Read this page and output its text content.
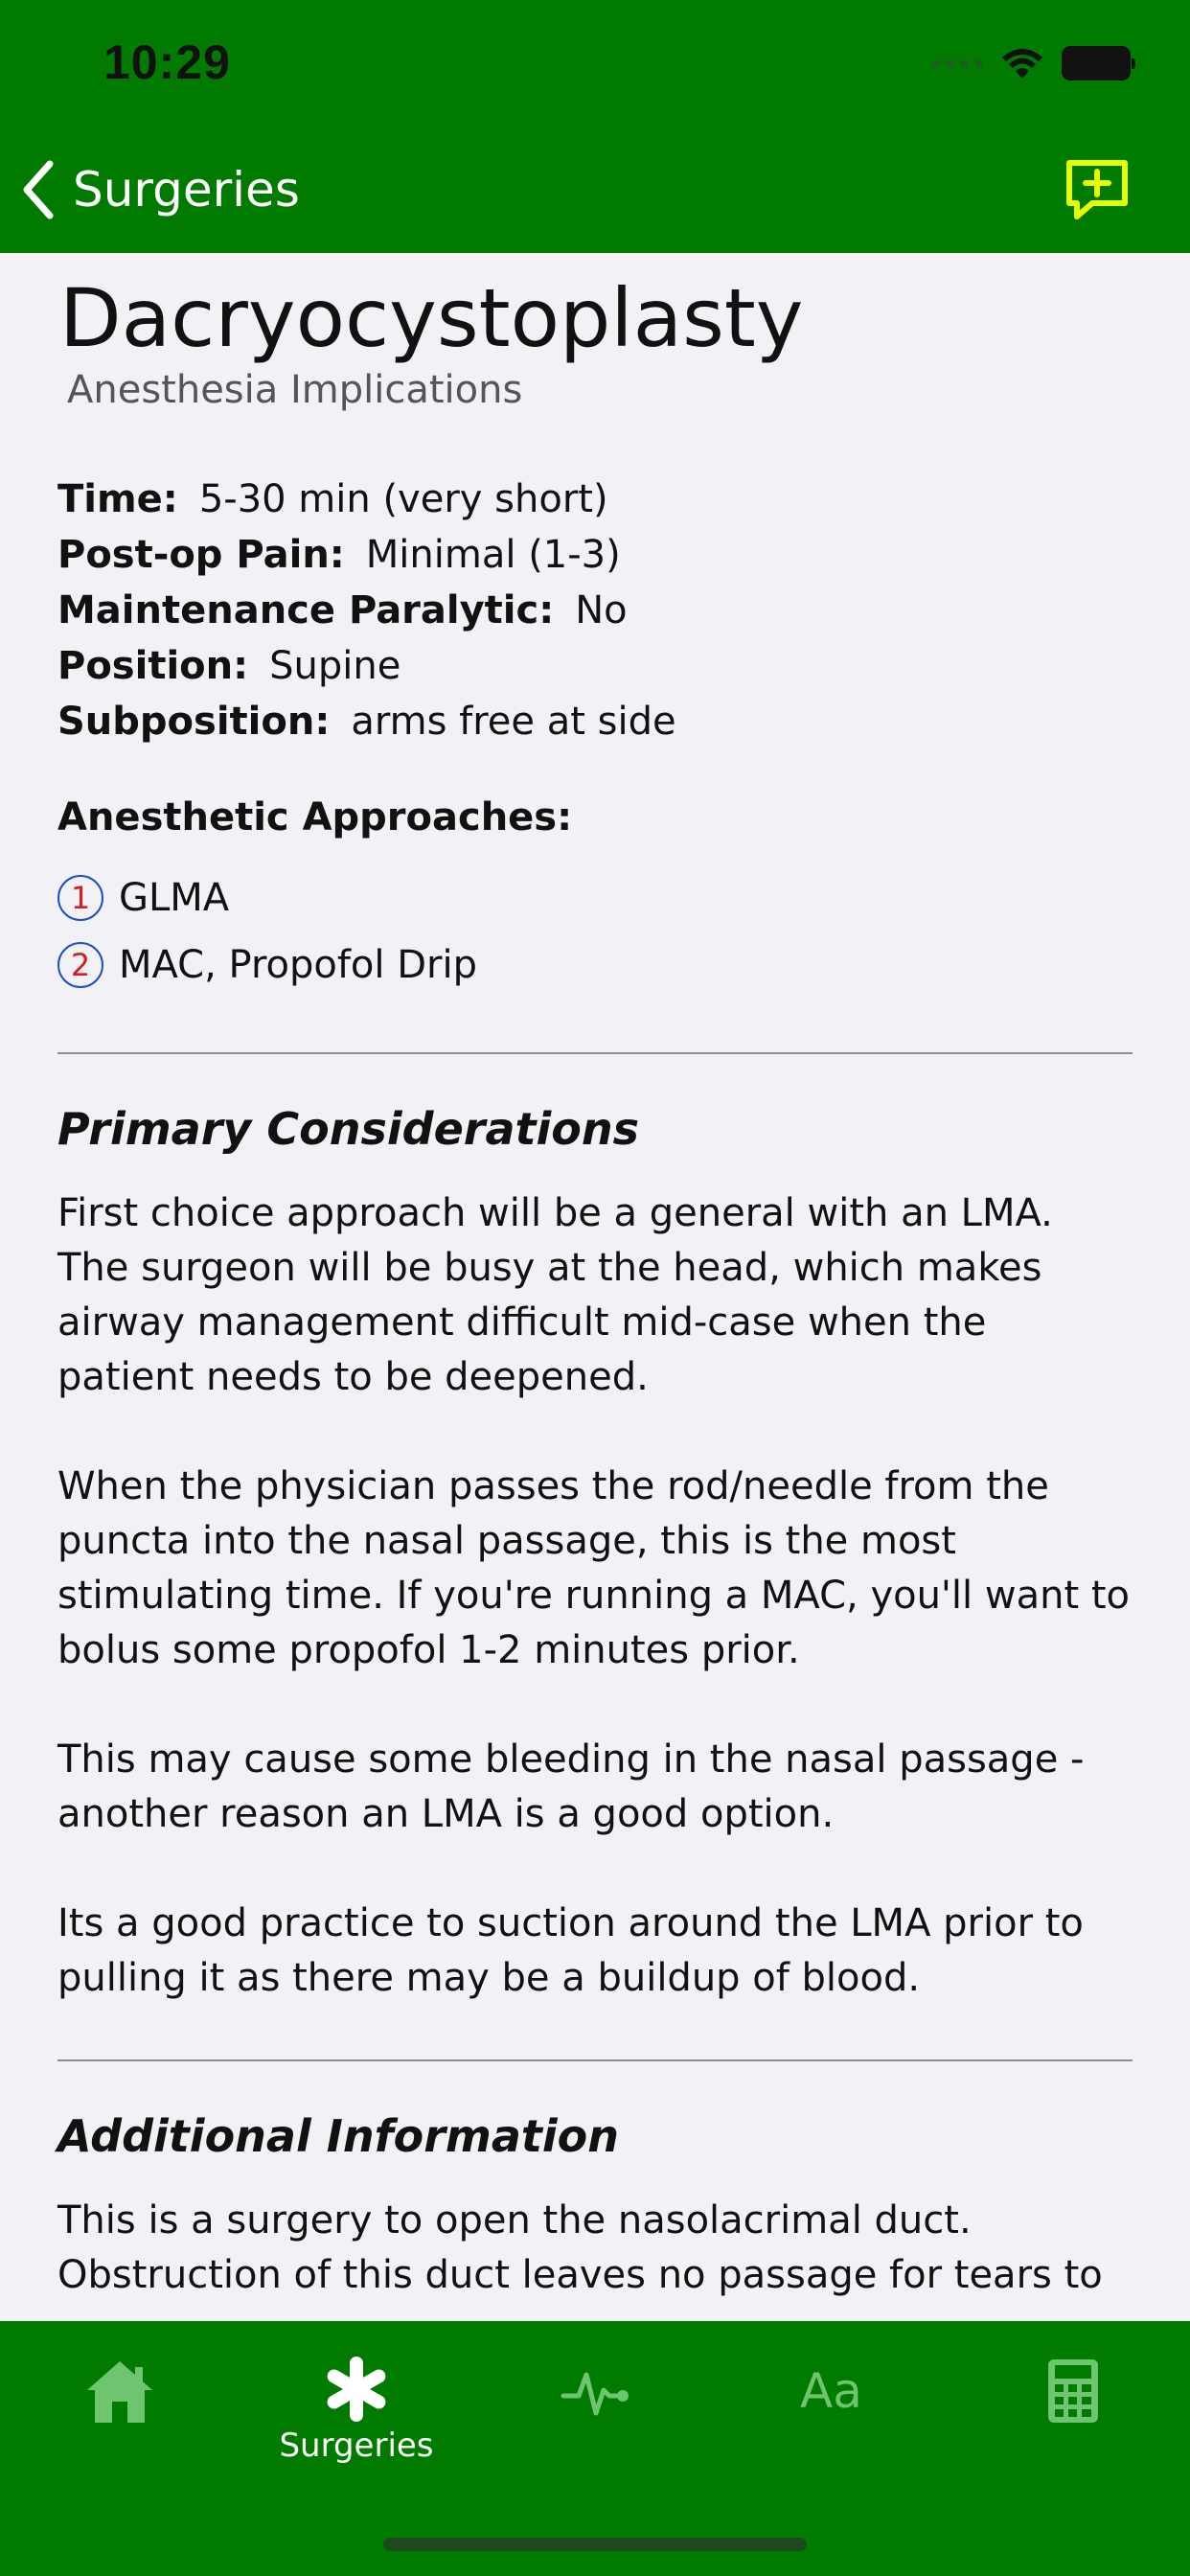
10:29
Surgeries
Dacryocystoplasty
Anesthesia Implications
Time: 5-30 min (very short)
Post-op Pain: Minimal (1-3)
Maintenance Paralytic: No
Position: Supine
Subposition: arms free at side
Anesthetic Approaches:
1 GLMA
2 MAC, Propofol Drip
Primary Considerations
First choice approach will be a general with an LMA. The surgeon will be busy at the head, which makes airway management difficult mid-case when the patient needs to be deepened.
When the physician passes the rod/needle from the puncta into the nasal passage, this is the most stimulating time. If you're running a MAC, you'll want to bolus some propofol 1-2 minutes prior.
This may cause some bleeding in the nasal passage - another reason an LMA is a good option.
Its a good practice to suction around the LMA prior to pulling it as there may be a buildup of blood.
Additional Information
This is a surgery to open the nasolacrimal duct. Obstruction of this duct leaves no passage for tears to
Surgeries
Aa
